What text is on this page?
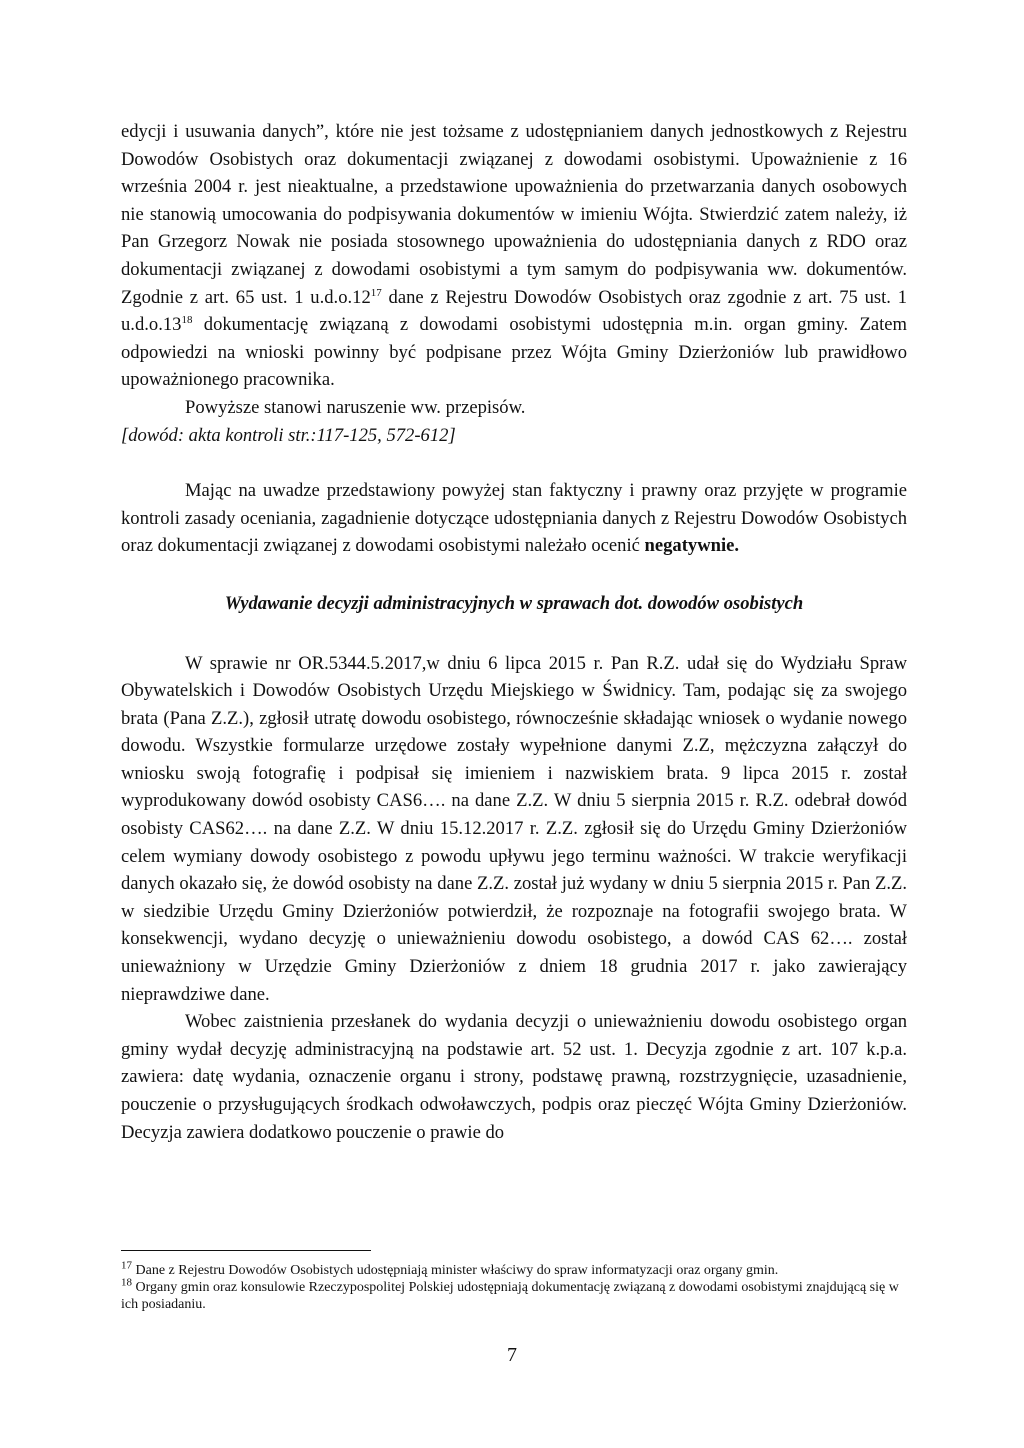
edycji i usuwania danych”, które nie jest tożsame z udostępnianiem danych jednostkowych z Rejestru Dowodów Osobistych oraz dokumentacji związanej z dowodami osobistymi. Upoważnienie z 16 września 2004 r. jest nieaktualne, a przedstawione upoważnienia do przetwarzania danych osobowych nie stanowią umocowania do podpisywania dokumentów w imieniu Wójta. Stwierdzić zatem należy, iż Pan Grzegorz Nowak nie posiada stosownego upoważnienia do udostępniania danych z RDO oraz dokumentacji związanej z dowodami osobistymi a tym samym do podpisywania ww. dokumentów. Zgodnie z art. 65 ust. 1 $u.d.o.12^{17}$ dane z Rejestru Dowodów Osobistych oraz zgodnie z art. 75 ust. 1 $u.d.o.13^{18}$ dokumentację związaną z dowodami osobistymi udostępnia m.in. organ gminy. Zatem odpowiedzi na wnioski powinny być podpisane przez Wójta Gminy Dzierżoniów lub prawidłowo upoważnionego pracownika.

Powyższe stanowi naruszenie ww. przepisów.

[dowód: akta kontroli str.:117-125, 572-612]

Mając na uwadze przedstawiony powyżej stan faktyczny i prawny oraz przyjęte w programie kontroli zasady oceniania, zagadnienie dotyczące udostępniania danych z Rejestru Dowodów Osobistych oraz dokumentacji związanej z dowodami osobistymi należało ocenić negatywnie.

Wydawanie decyzji administracyjnych w sprawach dot. dowodów osobistych

W sprawie nr OR.5344.5.2017,w dniu 6 lipca 2015 r. Pan R.Z. udał się do Wydziału Spraw Obywatelskich i Dowodów Osobistych Urzędu Miejskiego w Świdnicy. Tam, podając się za swojego brata (Pana Z.Z.), zgłosił utratę dowodu osobistego, równocześnie składając wniosek o wydanie nowego dowodu. Wszystkie formularze urzędowe zostały wypełnione danymi Z.Z, mężczyzna załączył do wniosku swoją fotografię i podpisał się imieniem i nazwiskiem brata. 9 lipca 2015 r. został wyprodukowany dowód osobisty CAS6…. na dane Z.Z. W dniu 5 sierpnia 2015 r. R.Z. odebrał dowód osobisty CAS62…. na dane Z.Z. W dniu 15.12.2017 r. Z.Z. zgłosił się do Urzędu Gminy Dzierżoniów celem wymiany dowody osobistego z powodu upływu jego terminu ważności. W trakcie weryfikacji danych okazało się, że dowód osobisty na dane Z.Z. został już wydany w dniu 5 sierpnia 2015 r. Pan Z.Z. w siedzibie Urzędu Gminy Dzierżoniów potwierdził, że rozpoznaje na fotografii swojego brata. W konsekwencji, wydano decyzję o unieważnieniu dowodu osobistego, a dowód CAS 62…. został unieważniony w Urzędzie Gminy Dzierżoniów z dniem 18 grudnia 2017 r. jako zawierający nieprawdziwe dane.

Wobec zaistnienia przesłanek do wydania decyzji o unieważnieniu dowodu osobistego organ gminy wydał decyzję administracyjną na podstawie art. 52 ust. 1. Decyzja zgodnie z art. 107 k.p.a. zawiera: datę wydania, oznaczenie organu i strony, podstawę prawną, rozstrzygnięcie, uzasadnienie, pouczenie o przysługujących środkach odwoławczych, podpis oraz pieczęć Wójta Gminy Dzierżoniów. Decyzja zawiera dodatkowo pouczenie o prawie do

$^{17}$ Dane z Rejestru Dowodów Osobistych udostępniają minister właściwy do spraw informatyzacji oraz organy gmin.

$^{18}$ Organy gmin oraz konsulowie Rzeczypospolitej Polskiej udostępniają dokumentację związaną z dowodami osobistymi znajdującą się w ich posiadaniu.

7
